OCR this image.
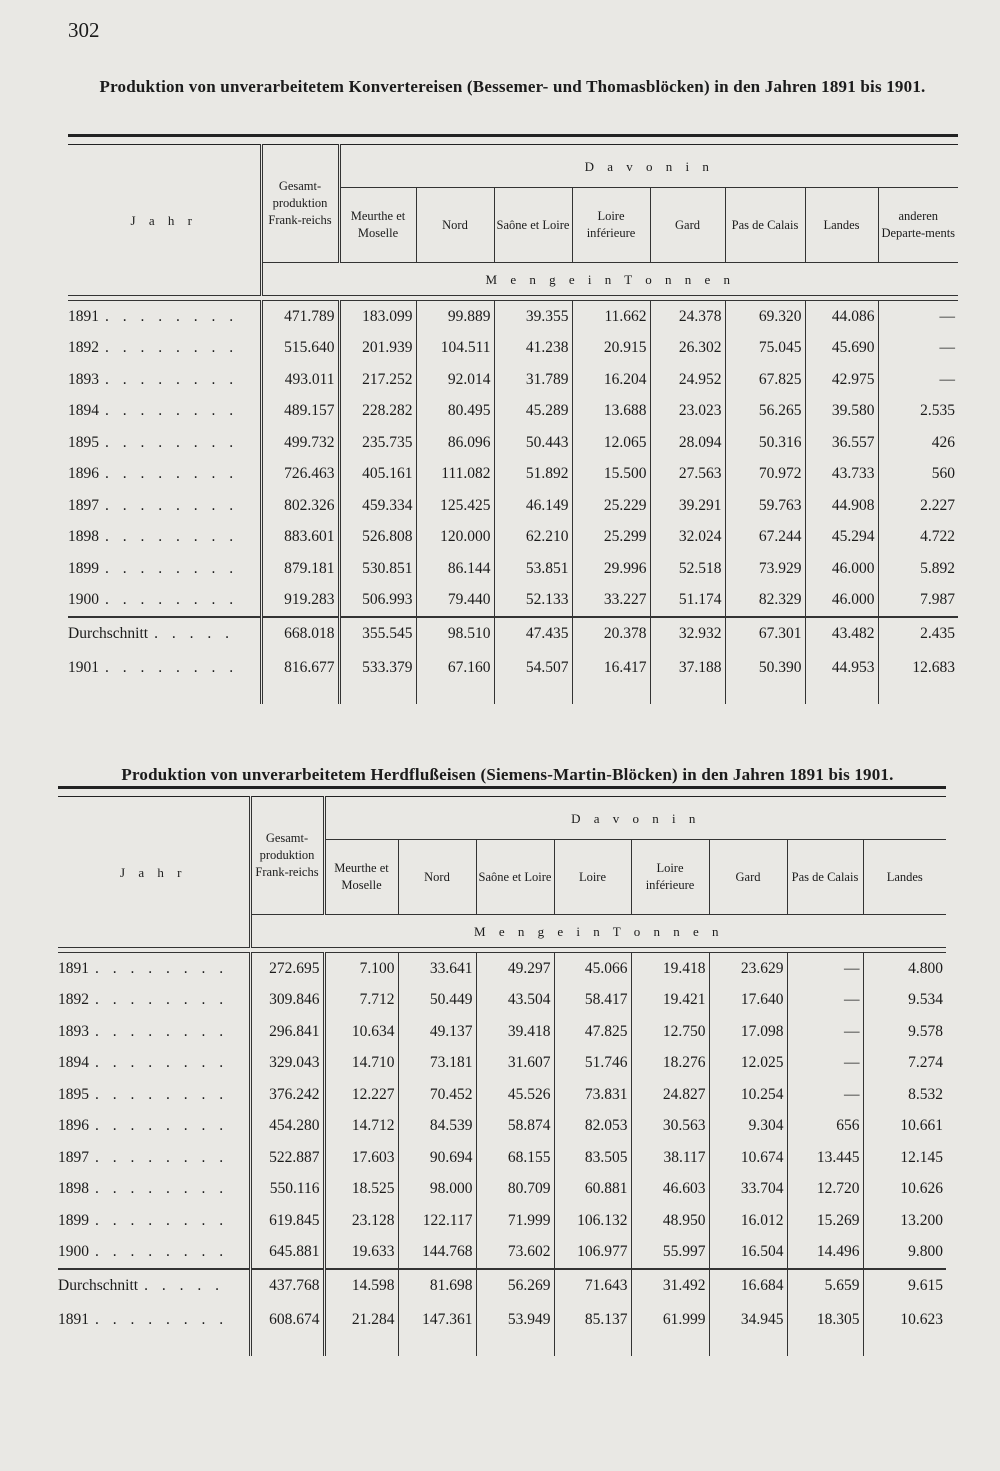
302
Produktion von unverarbeitetem Konvertereisen (Bessemer- und Thomasblöcken) in den Jahren 1891 bis 1901.

J a h r	Gesamt-produktion Frank-reichs	D a v o n i n							
		Meurthe et Moselle	Nord	Saône et Loire	Loire inférieure	Gard	Pas de Calais	Landes	anderen Departe-ments
	M e n g e i n T o n n e n								

1891 . . . . . . . .	471.789	183.099	99.889	39.355	11.662	24.378	69.320	44.086	—
1892 . . . . . . . .	515.640	201.939	104.511	41.238	20.915	26.302	75.045	45.690	—
1893 . . . . . . . .	493.011	217.252	92.014	31.789	16.204	24.952	67.825	42.975	—
1894 . . . . . . . .	489.157	228.282	80.495	45.289	13.688	23.023	56.265	39.580	2.535
1895 . . . . . . . .	499.732	235.735	86.096	50.443	12.065	28.094	50.316	36.557	426
1896 . . . . . . . .	726.463	405.161	111.082	51.892	15.500	27.563	70.972	43.733	560
1897 . . . . . . . .	802.326	459.334	125.425	46.149	25.229	39.291	59.763	44.908	2.227
1898 . . . . . . . .	883.601	526.808	120.000	62.210	25.299	32.024	67.244	45.294	4.722
1899 . . . . . . . .	879.181	530.851	86.144	53.851	29.996	52.518	73.929	46.000	5.892
1900 . . . . . . . .	919.283	506.993	79.440	52.133	33.227	51.174	82.329	46.000	7.987
Durchschnitt . . . . .	668.018	355.545	98.510	47.435	20.378	32.932	67.301	43.482	2.435
1901 . . . . . . . .	816.677	533.379	67.160	54.507	16.417	37.188	50.390	44.953	12.683

Produktion von unverarbeitetem Herdflußeisen (Siemens-Martin-Blöcken) in den Jahren 1891 bis 1901.

J a h r	Gesamt-produktion Frank-reichs	D a v o n i n							
		Meurthe et Moselle	Nord	Saône et Loire	Loire	Loire inférieure	Gard	Pas de Calais	Landes
	M e n g e i n T o n n e n								

1891 . . . . . . . .	272.695	7.100	33.641	49.297	45.066	19.418	23.629	—	4.800
1892 . . . . . . . .	309.846	7.712	50.449	43.504	58.417	19.421	17.640	—	9.534
1893 . . . . . . . .	296.841	10.634	49.137	39.418	47.825	12.750	17.098	—	9.578
1894 . . . . . . . .	329.043	14.710	73.181	31.607	51.746	18.276	12.025	—	7.274
1895 . . . . . . . .	376.242	12.227	70.452	45.526	73.831	24.827	10.254	—	8.532
1896 . . . . . . . .	454.280	14.712	84.539	58.874	82.053	30.563	9.304	656	10.661
1897 . . . . . . . .	522.887	17.603	90.694	68.155	83.505	38.117	10.674	13.445	12.145
1898 . . . . . . . .	550.116	18.525	98.000	80.709	60.881	46.603	33.704	12.720	10.626
1899 . . . . . . . .	619.845	23.128	122.117	71.999	106.132	48.950	16.012	15.269	13.200
1900 . . . . . . . .	645.881	19.633	144.768	73.602	106.977	55.997	16.504	14.496	9.800
Durchschnitt . . . . .	437.768	14.598	81.698	56.269	71.643	31.492	16.684	5.659	9.615
1891 . . . . . . . .	608.674	21.284	147.361	53.949	85.137	61.999	34.945	18.305	10.623
